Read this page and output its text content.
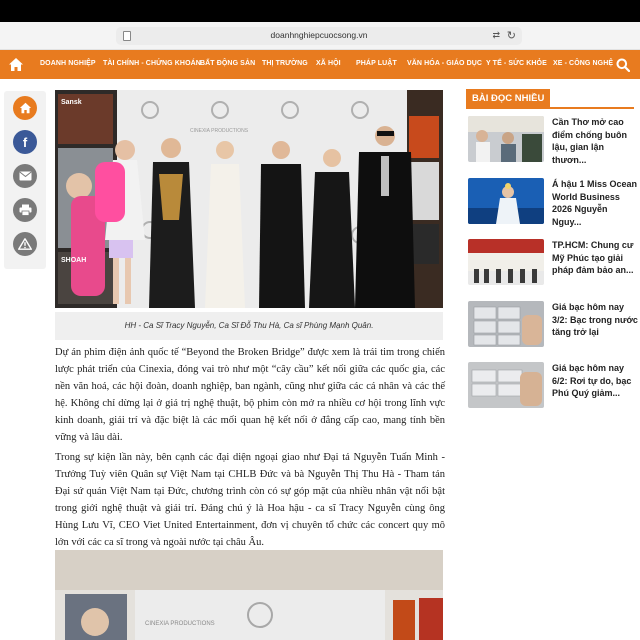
doanhnghiepcuocsong.vn	⇄ ↻
DOANH NGHIỆP TÀI CHÍNH - CHỨNG KHOÁN BẤT ĐỘNG SẢN THỊ TRƯỜNG XÃ HỘI PHÁP LUẬT VĂN HÓA - GIÁO DỤC Y TẾ - SỨC KHỎE XE - CÔNG NGHỆ
f
CINEXIA PRODUCTIONS
Sansk
SHOAH
HH - Ca Sĩ Tracy Nguyễn, Ca Sĩ Đỗ Thu Hà, Ca sĩ Phùng Mạnh Quân.

Dự án phim điện ảnh quốc tế “Beyond the Broken Bridge” được xem là trái tim trong chiến lược phát triển của Cinexia, đóng vai trò như một “cây cầu” kết nối giữa các quốc gia, các nền văn hoá, các hội đoàn, doanh nghiệp, ban ngành, cũng như giữa các cá nhân và các thế hệ. Không chỉ dừng lại ở giá trị nghệ thuật, bộ phim còn mở ra nhiều cơ hội trong lĩnh vực kinh doanh, giải trí và đặc biệt là các mối quan hệ kết nối ở đẳng cấp cao, mang tính bền vững và lâu dài.

Trong sự kiện lần này, bên cạnh các đại diện ngoại giao như Đại tá Nguyễn Tuấn Minh - Trưởng Tuỳ viên Quân sự Việt Nam tại CHLB Đức và bà Nguyễn Thị Thu Hà - Tham tán Đại sứ quán Việt Nam tại Đức, chương trình còn có sự góp mặt của nhiều nhân vật nổi bật trong giới nghệ thuật và giải trí. Đáng chú ý là Hoa hậu - ca sĩ Tracy Nguyễn cùng ông Hùng Lưu Vĩ, CEO Viet United Entertainment, đơn vị chuyên tổ chức các concert quy mô lớn với các ca sĩ trong và ngoài nước tại châu Âu.

CINEXIA PRODUCTIONS
BÀI ĐỌC NHIỀU
Cần Thơ mở cao điểm chống buôn lậu, gian lận thươn...
Á hậu 1 Miss Ocean World Business 2026 Nguyễn Nguy...
TP.HCM: Chung cư Mỹ Phúc tạo giải pháp đảm bảo an...
Giá bạc hôm nay 3/2: Bạc trong nước tăng trở lại
Giá bạc hôm nay 6/2: Rơi tự do, bạc Phú Quý giảm...
